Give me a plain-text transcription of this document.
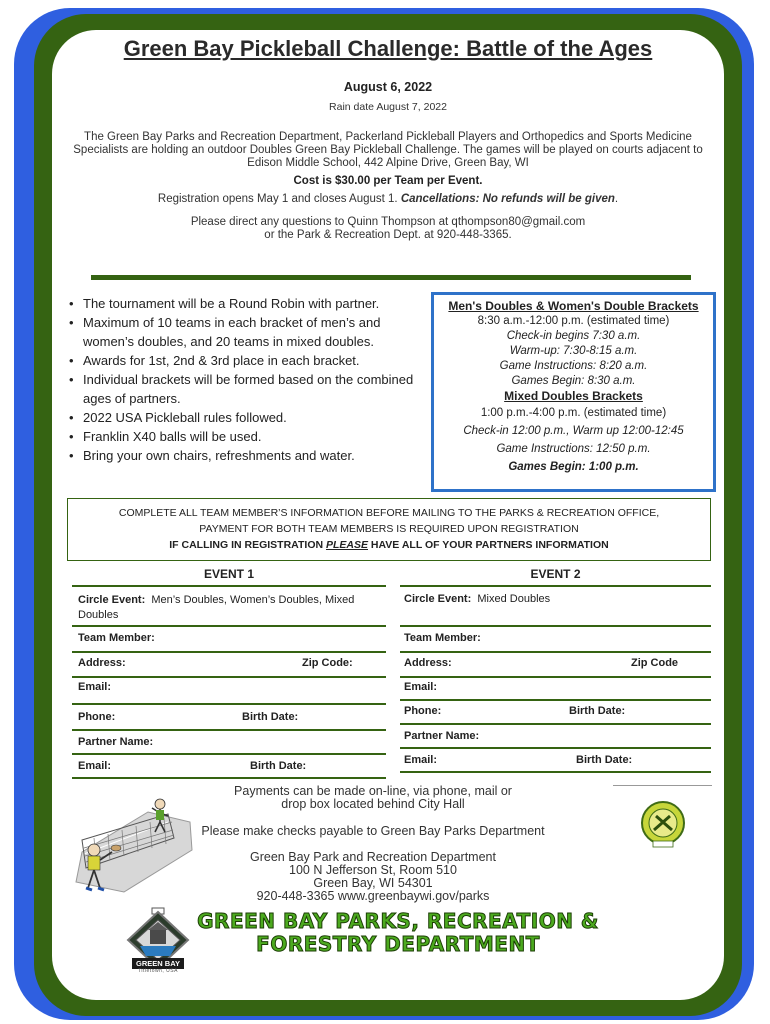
Green Bay Pickleball Challenge: Battle of the Ages
August 6, 2022
Rain date August 7, 2022
The Green Bay Parks and Recreation Department, Packerland Pickleball Players and Orthopedics and Sports Medicine Specialists are holding an outdoor Doubles Green Bay Pickleball Challenge. The games will be played on courts adjacent to Edison Middle School, 442 Alpine Drive, Green Bay, WI
Cost is $30.00 per Team per Event.
Registration opens May 1 and closes August 1. Cancellations: No refunds will be given.
Please direct any questions to Quinn Thompson at qthompson80@gmail.com
or the Park & Recreation Dept. at 920-448-3365.
• The tournament will be a Round Robin with partner.
• Maximum of 10 teams in each bracket of men’s and women’s doubles, and 20 teams in mixed doubles.
• Awards for 1st, 2nd & 3rd place in each bracket.
• Individual brackets will be formed based on the combined ages of partners.
• 2022 USA Pickleball rules followed.
• Franklin X40 balls will be used.
• Bring your own chairs, refreshments and water.
Men's Doubles & Women's Double Brackets
8:30 a.m.-12:00 p.m. (estimated time)
Check-in begins 7:30 a.m.
Warm-up: 7:30-8:15 a.m.
Game Instructions: 8:20 a.m.
Games Begin: 8:30 a.m.
Mixed Doubles Brackets
1:00 p.m.-4:00 p.m. (estimated time)
Check-in 12:00 p.m., Warm up 12:00-12:45
Game Instructions: 12:50 p.m.
Games Begin: 1:00 p.m.
COMPLETE ALL TEAM MEMBER’S INFORMATION BEFORE MAILING TO THE PARKS & RECREATION OFFICE,
PAYMENT FOR BOTH TEAM MEMBERS IS REQUIRED UPON REGISTRATION
IF CALLING IN REGISTRATION PLEASE HAVE ALL OF YOUR PARTNERS INFORMATION
EVENT 1
Circle Event: Men’s Doubles, Women’s Doubles, Mixed Doubles
Team Member:
Address:	Zip Code:
Email:
Phone:	Birth Date:
Partner Name:
Email:	Birth Date:
EVENT 2
Circle Event: Mixed Doubles
Team Member:
Address:	Zip Code
Email:
Phone:	Birth Date:
Partner Name:
Email:	Birth Date:
Payments can be made on-line, via phone, mail or
drop box located behind City Hall
Please make checks payable to Green Bay Parks Department
Green Bay Park and Recreation Department
100 N Jefferson St, Room 510
Green Bay, WI 54301
920-448-3365 www.greenbaywi.gov/parks
GREEN BAY
Titletown, USA
GREEN BAY PARKS, RECREATION &
FORESTRY DEPARTMENT
